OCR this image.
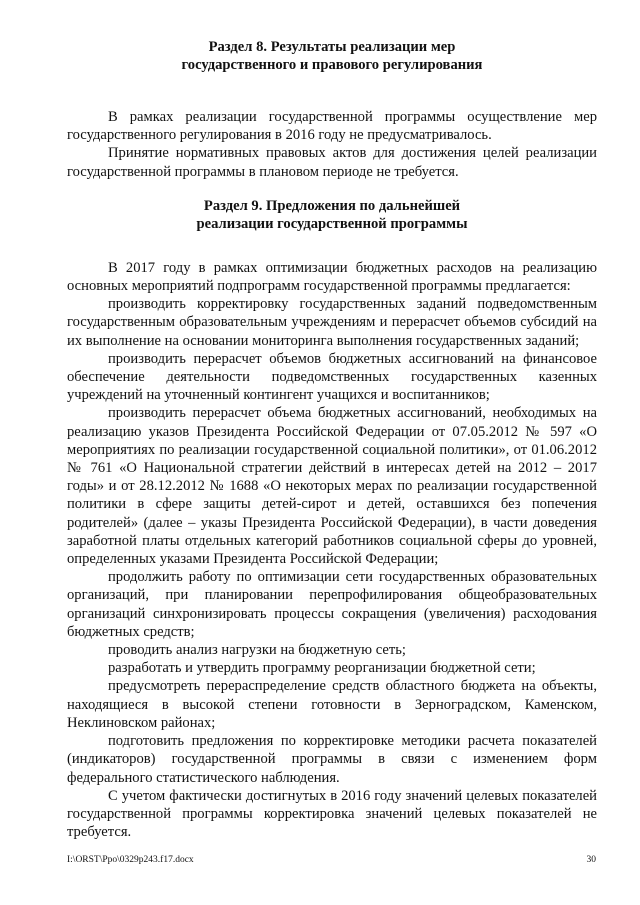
Раздел 8. Результаты реализации мер
государственного и правового регулирования

В рамках реализации государственной программы осуществление мер государственного регулирования в 2016 году не предусматривалось.

Принятие нормативных правовых актов для достижения целей реализации государственной программы в плановом периоде не требуется.

Раздел 9. Предложения по дальнейшей
реализации государственной программы

В 2017 году в рамках оптимизации бюджетных расходов на реализацию основных мероприятий подпрограмм государственной программы предлагается:

производить корректировку государственных заданий подведомственным государственным образовательным учреждениям и перерасчет объемов субсидий на их выполнение на основании мониторинга выполнения государственных заданий;

производить перерасчет объемов бюджетных ассигнований на финансовое обеспечение деятельности подведомственных государственных казенных учреждений на уточненный контингент учащихся и воспитанников;

производить перерасчет объема бюджетных ассигнований, необходимых на реализацию указов Президента Российской Федерации от 07.05.2012 № 597 «О мероприятиях по реализации государственной социальной политики», от 01.06.2012 № 761 «О Национальной стратегии действий в интересах детей на 2012 – 2017 годы» и от 28.12.2012 № 1688 «О некоторых мерах по реализации государственной политики в сфере защиты детей-сирот и детей, оставшихся без попечения родителей» (далее – указы Президента Российской Федерации), в части доведения заработной платы отдельных категорий работников социальной сферы до уровней, определенных указами Президента Российской Федерации;

продолжить работу по оптимизации сети государственных образовательных организаций, при планировании перепрофилирования общеобразовательных организаций синхронизировать процессы сокращения (увеличения) расходования бюджетных средств;

проводить анализ нагрузки на бюджетную сеть;

разработать и утвердить программу реорганизации бюджетной сети;

предусмотреть перераспределение средств областного бюджета на объекты, находящиеся в высокой степени готовности в Зерноградском, Каменском, Неклиновском районах;

подготовить предложения по корректировке методики расчета показателей (индикаторов) государственной программы в связи с изменением форм федерального статистического наблюдения.

С учетом фактически достигнутых в 2016 году значений целевых показателей государственной программы корректировка значений целевых показателей не требуется.

I:\ORST\Ppo\0329p243.f17.docx	30
